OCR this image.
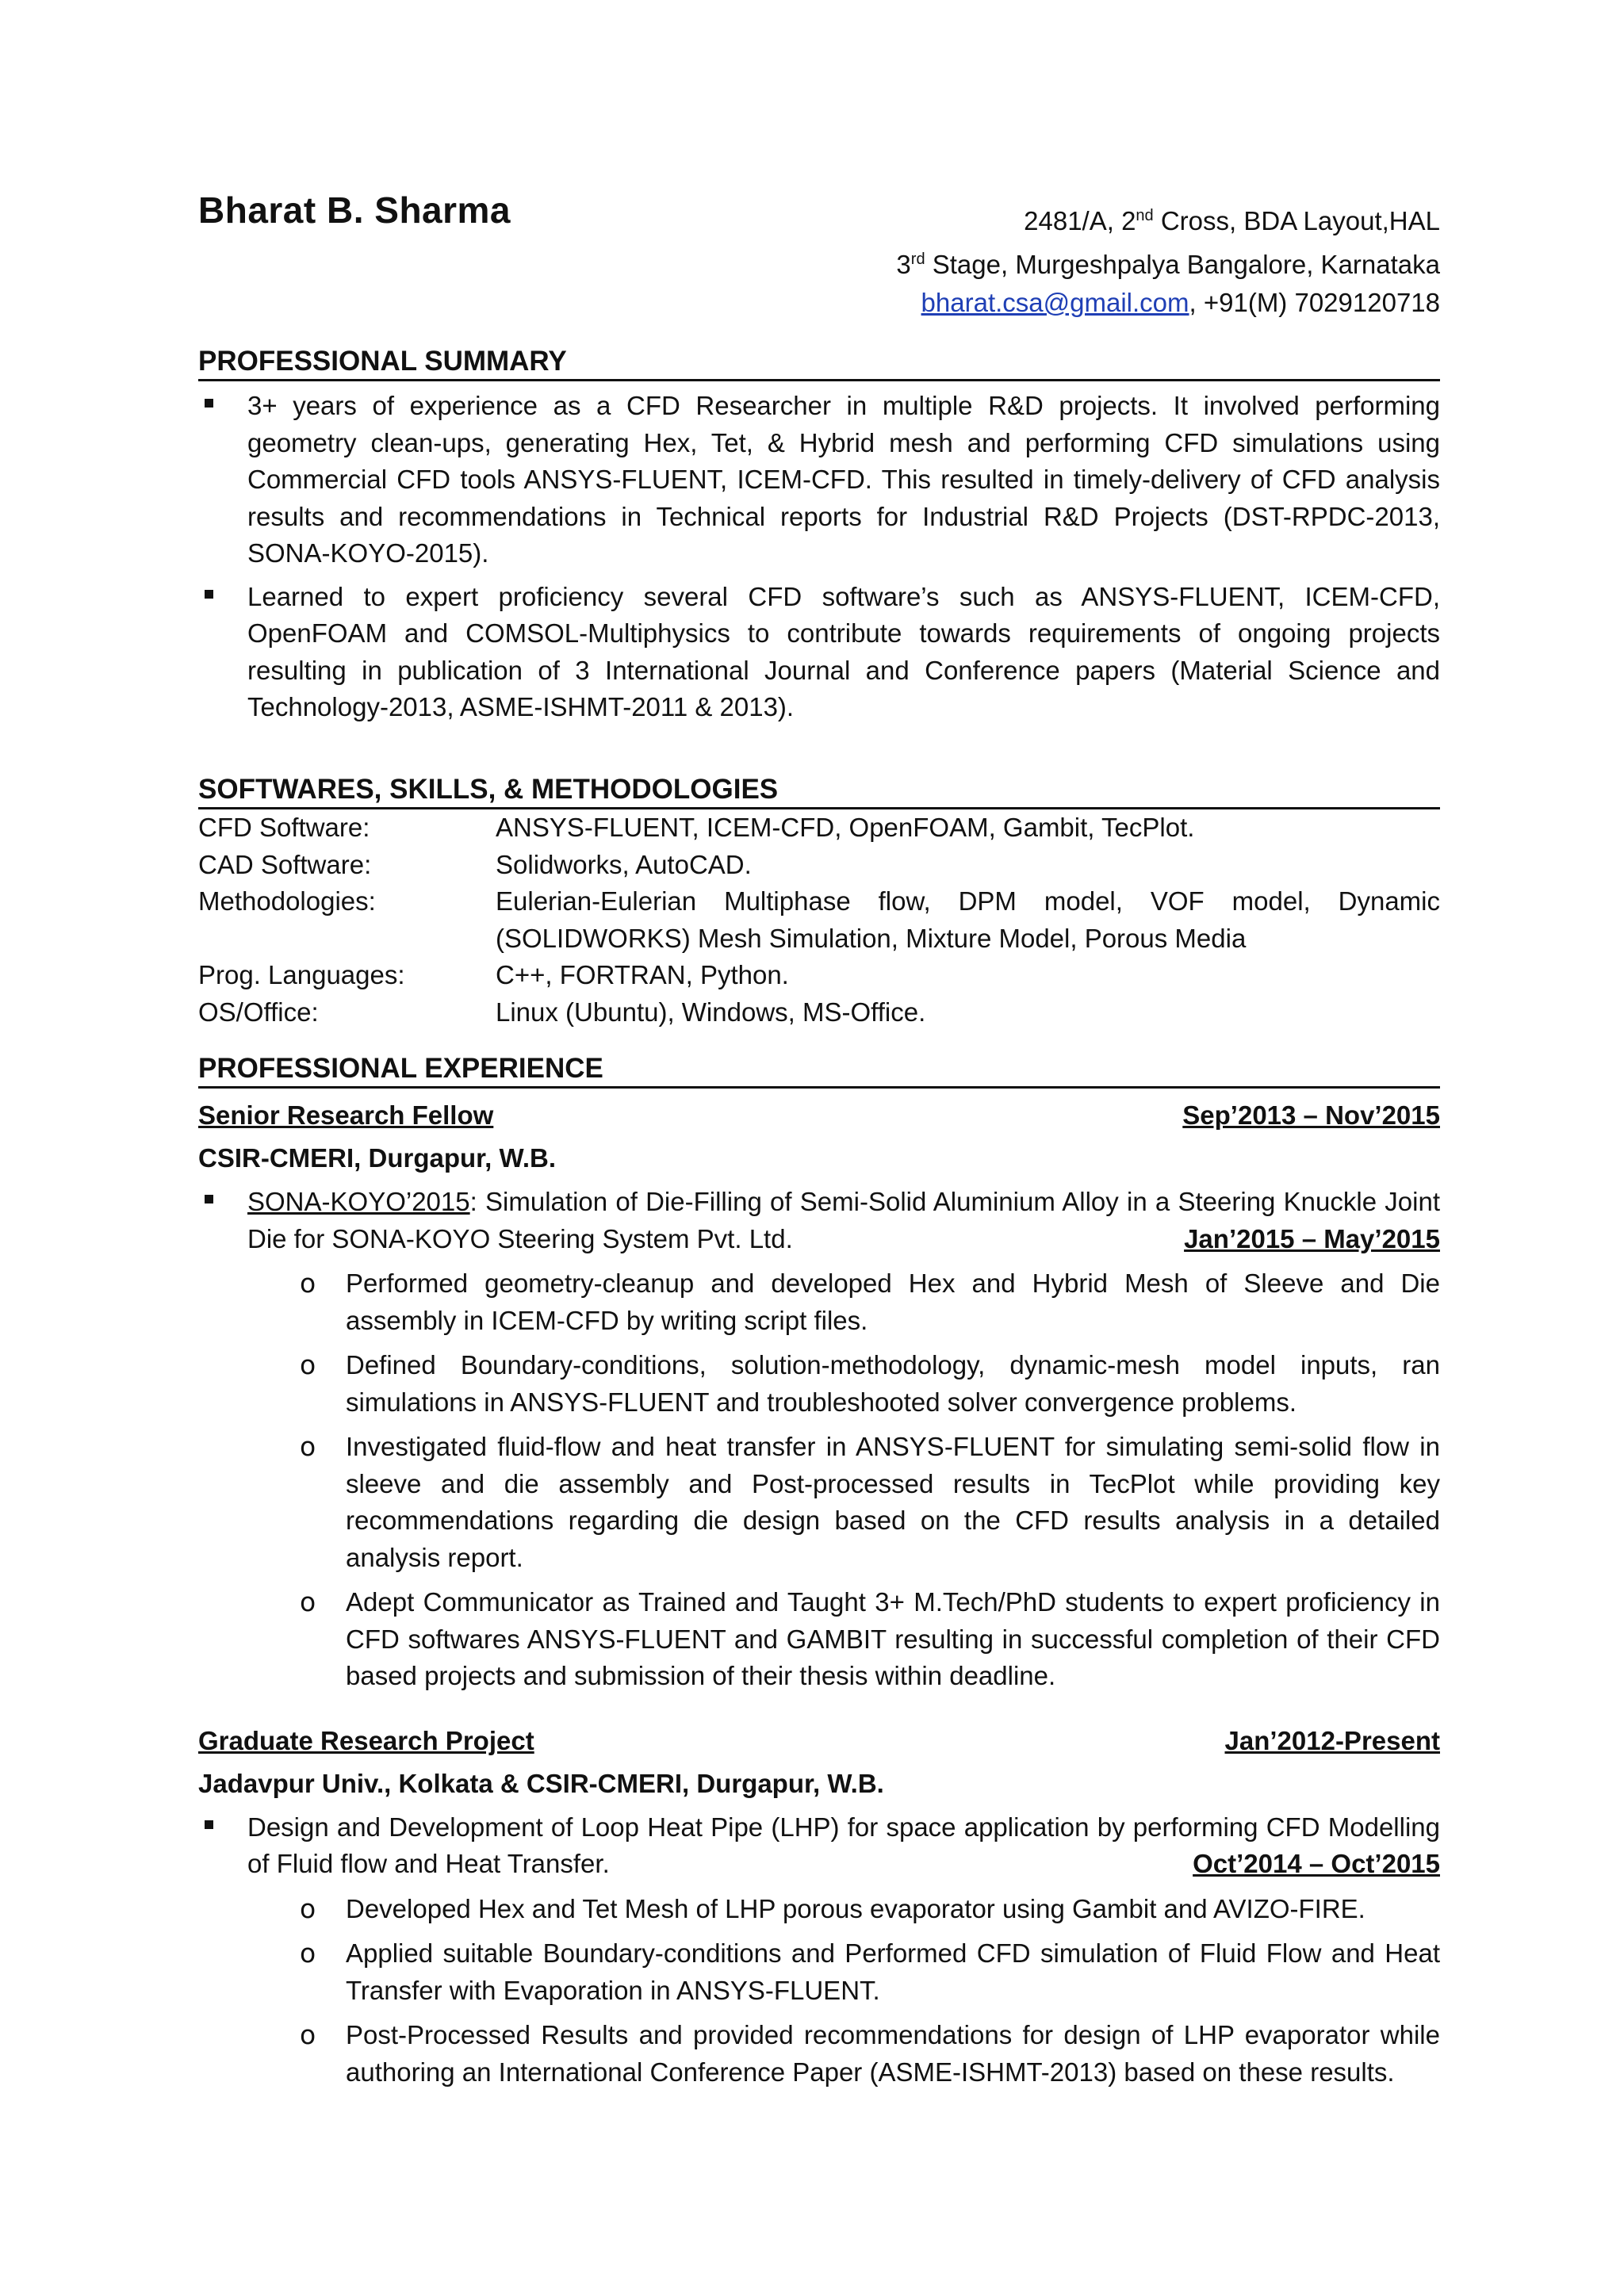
Bharat B. Sharma	2481/A, 2nd Cross, BDA Layout,HAL
3rd Stage, Murgeshpalya Bangalore, Karnataka
bharat.csa@gmail.com, +91(M) 7029120718
PROFESSIONAL SUMMARY
3+ years of experience as a CFD Researcher in multiple R&D projects. It involved performing geometry clean-ups, generating Hex, Tet, & Hybrid mesh and performing CFD simulations using Commercial CFD tools ANSYS-FLUENT, ICEM-CFD. This resulted in timely-delivery of CFD analysis results and recommendations in Technical reports for Industrial R&D Projects (DST-RPDC-2013, SONA-KOYO-2015).
Learned to expert proficiency several CFD software’s such as ANSYS-FLUENT, ICEM-CFD, OpenFOAM and COMSOL-Multiphysics to contribute towards requirements of ongoing projects resulting in publication of 3 International Journal and Conference papers (Material Science and Technology-2013, ASME-ISHMT-2011 & 2013).
SOFTWARES, SKILLS, & METHODOLOGIES
CFD Software:	ANSYS-FLUENT, ICEM-CFD, OpenFOAM, Gambit, TecPlot.
CAD Software:	Solidworks, AutoCAD.
Methodologies:	Eulerian-Eulerian Multiphase flow, DPM model, VOF model, Dynamic (SOLIDWORKS) Mesh Simulation, Mixture Model, Porous Media
Prog. Languages:	C++, FORTRAN, Python.
OS/Office:	Linux (Ubuntu), Windows, MS-Office.
PROFESSIONAL EXPERIENCE
Senior Research Fellow	Sep’2013 – Nov’2015
CSIR-CMERI, Durgapur, W.B.
SONA-KOYO’2015: Simulation of Die-Filling of Semi-Solid Aluminium Alloy in a Steering Knuckle Joint Die for SONA-KOYO Steering System Pvt. Ltd.	Jan’2015 – May’2015
o Performed geometry-cleanup and developed Hex and Hybrid Mesh of Sleeve and Die assembly in ICEM-CFD by writing script files.
o Defined Boundary-conditions, solution-methodology, dynamic-mesh model inputs, ran simulations in ANSYS-FLUENT and troubleshooted solver convergence problems.
o Investigated fluid-flow and heat transfer in ANSYS-FLUENT for simulating semi-solid flow in sleeve and die assembly and Post-processed results in TecPlot while providing key recommendations regarding die design based on the CFD results analysis in a detailed analysis report.
o Adept Communicator as Trained and Taught 3+ M.Tech/PhD students to expert proficiency in CFD softwares ANSYS-FLUENT and GAMBIT resulting in successful completion of their CFD based projects and submission of their thesis within deadline.
Graduate Research Project	Jan’2012-Present
Jadavpur Univ., Kolkata & CSIR-CMERI, Durgapur, W.B.
Design and Development of Loop Heat Pipe (LHP) for space application by performing CFD Modelling of Fluid flow and Heat Transfer.	Oct’2014 – Oct’2015
o Developed Hex and Tet Mesh of LHP porous evaporator using Gambit and AVIZO-FIRE.
o Applied suitable Boundary-conditions and Performed CFD simulation of Fluid Flow and Heat Transfer with Evaporation in ANSYS-FLUENT.
o Post-Processed Results and provided recommendations for design of LHP evaporator while authoring an International Conference Paper (ASME-ISHMT-2013) based on these results.
